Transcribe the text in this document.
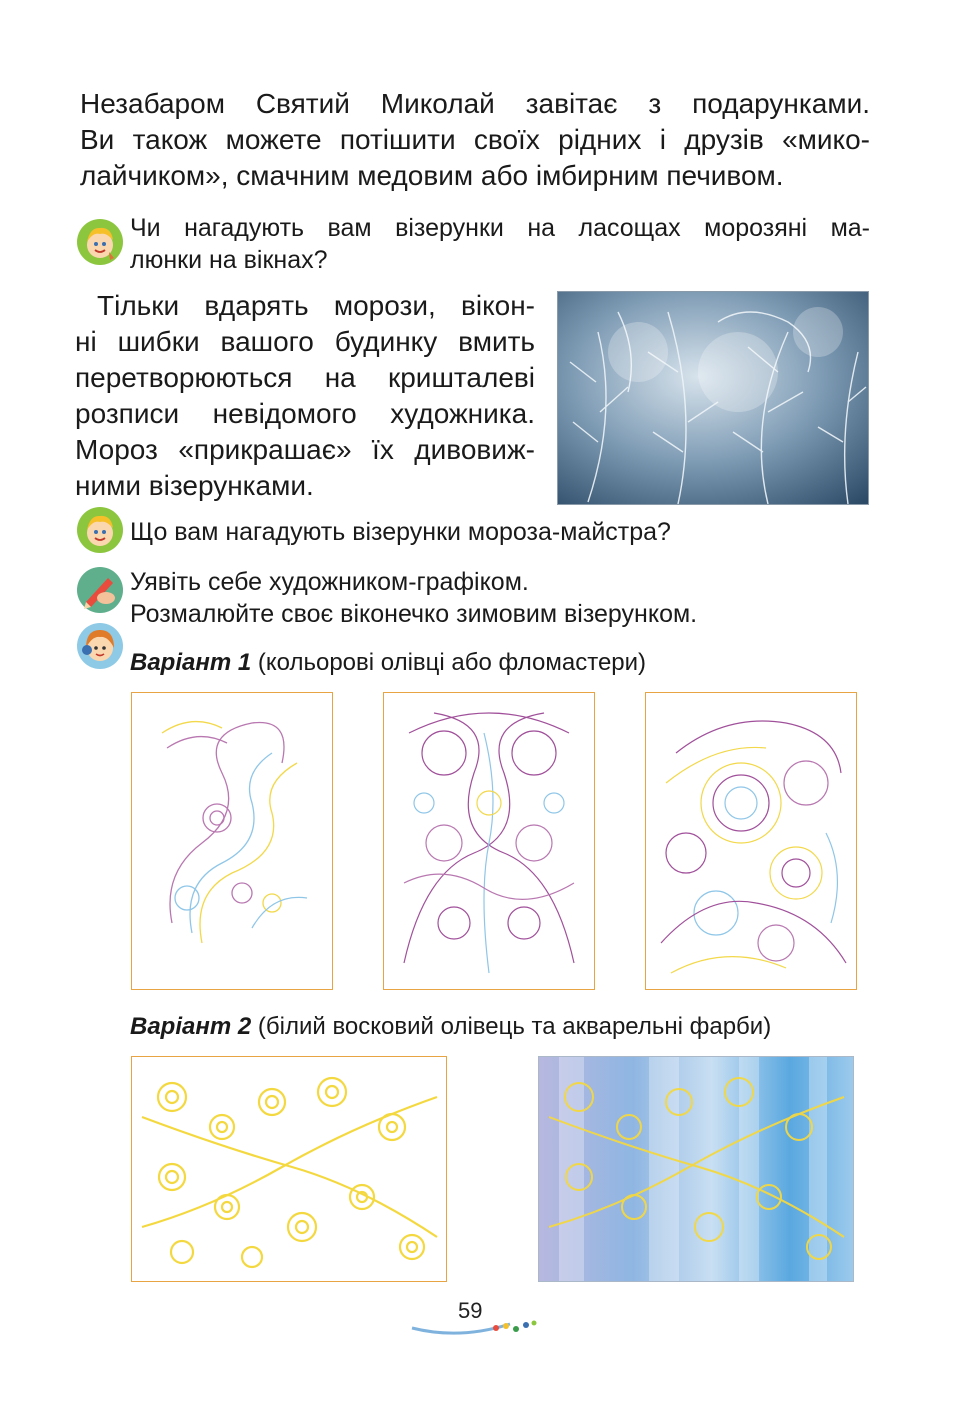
Незабаром Святий Миколай завітає з подарунками.
Ви також можете потішити своїх рідних і друзів «мико-
лайчиком», смачним медовим або імбирним печивом.

Чи нагадують вам візерунки на ласощах морозяні ма-
люнки на вікнах?

Тільки вдарять морози, вікон-
ні шибки вашого будинку вмить
перетворюються на кришталеві
розписи невідомого художника.
Мороз «прикрашає» їх дивовиж-
ними візерунками.

Що вам нагадують візерунки мороза-майстра?
Уявіть себе художником-графіком.
Розмалюйте своє віконечко зимовим візерунком.
Варіант 1 (кольорові олівці або фломастери)
Варіант 2 (білий восковий олівець та акварельні фарби)
59
